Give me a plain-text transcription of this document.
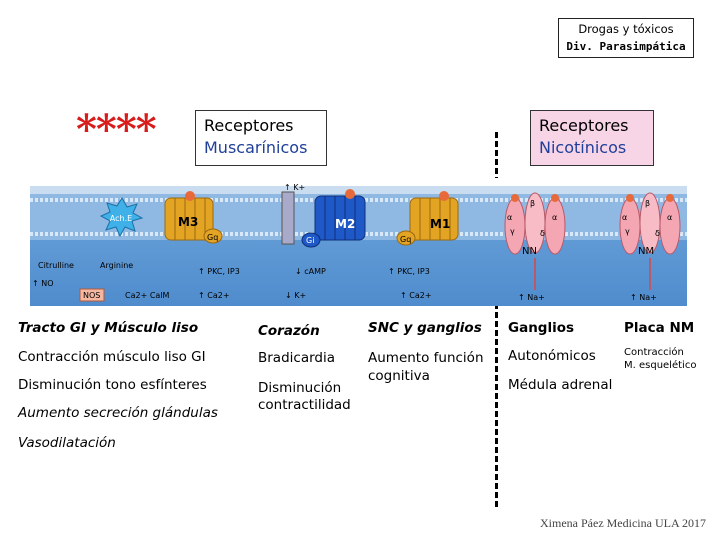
Drogas y tóxicos
Div. Parasimpática
****	Receptores
Muscarínicos
Receptores
Nicotínicos
Ach.E	M3
Gq
↑ K+
M2
Gi
M1
Gq
α
β
γ	δ
α
NN
α
β
γ	δ
α
NM
Citrulline	Arginine
↑ NO
NOS	Ca2+ CalM
↑ PKC, IP3
↑ Ca2+
↓ cAMP
↓ K+
↑ PKC, IP3
↑ Ca2+	↑ Na+	↑ Na+
Tracto GI y Músculo liso
Contracción músculo liso GI
Disminución tono esfínteres
Aumento secreción glándulas
Vasodilatación
Corazón
Bradicardia
Disminución
contractilidad
SNC y ganglios
Aumento función
cognitiva
Ganglios
Autonómicos
Médula adrenal
Placa NM
Contracción
M. esquelético
Ximena Páez Medicina ULA 2017
